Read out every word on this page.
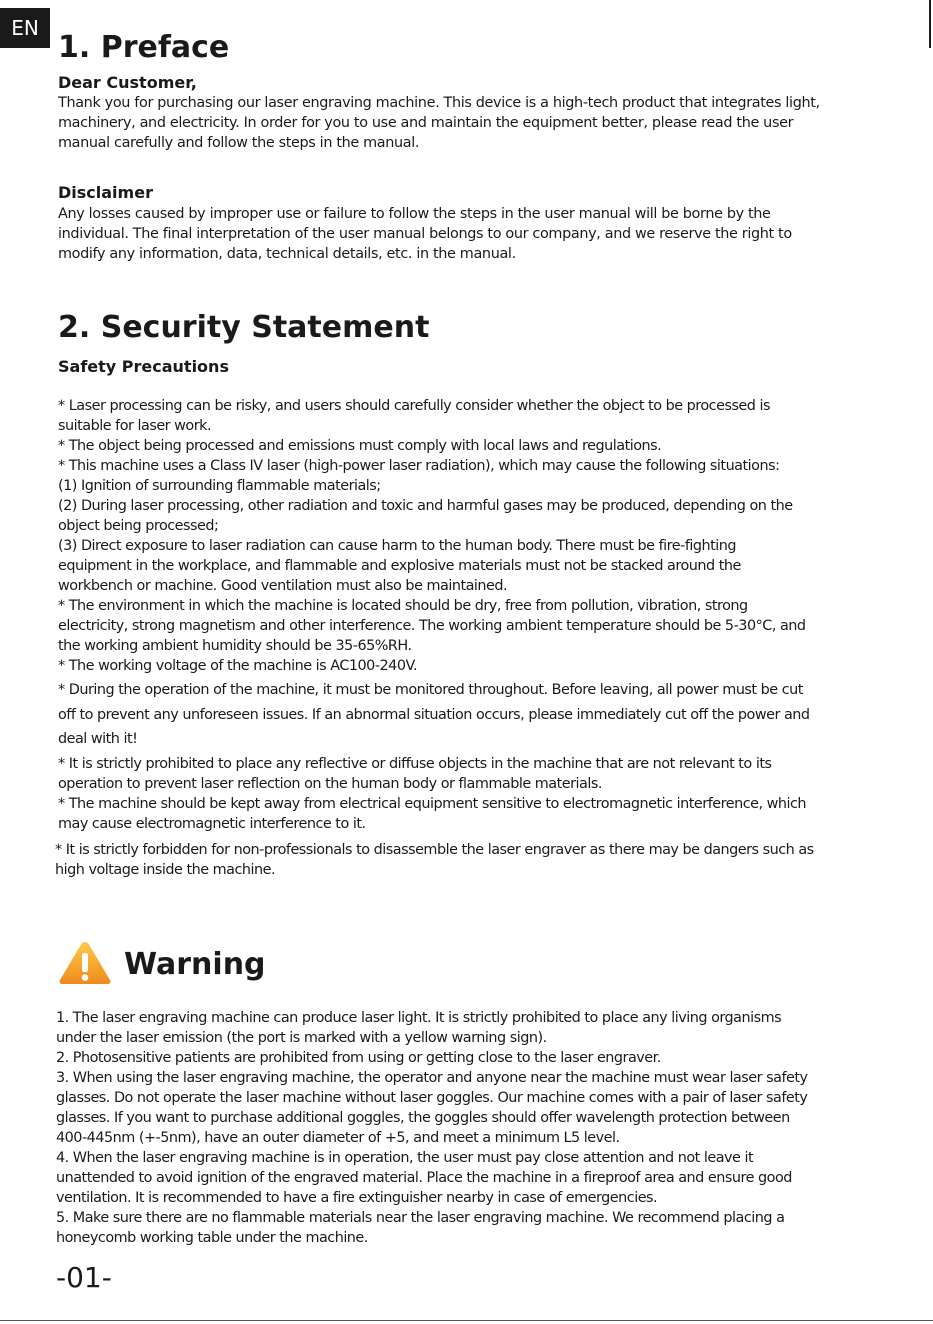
EN
1. Preface
Dear Customer,
Thank you for purchasing our laser engraving machine. This device is a high-tech product that integrates light,
machinery, and electricity. In order for you to use and maintain the equipment better, please read the user
manual carefully and follow the steps in the manual.
Disclaimer
Any losses caused by improper use or failure to follow the steps in the user manual will be borne by the
individual. The final interpretation of the user manual belongs to our company, and we reserve the right to
modify any information, data, technical details, etc. in the manual.
2. Security Statement
Safety Precautions
* Laser processing can be risky, and users should carefully consider whether the object to be processed is
suitable for laser work.
* The object being processed and emissions must comply with local laws and regulations.
* This machine uses a Class IV laser (high-power laser radiation), which may cause the following situations:
(1) Ignition of surrounding flammable materials;
(2) During laser processing, other radiation and toxic and harmful gases may be produced, depending on the
object being processed;
(3) Direct exposure to laser radiation can cause harm to the human body. There must be fire-fighting
equipment in the workplace, and flammable and explosive materials must not be stacked around the
workbench or machine. Good ventilation must also be maintained.
* The environment in which the machine is located should be dry, free from pollution, vibration, strong
electricity, strong magnetism and other interference. The working ambient temperature should be 5-30°C, and
the working ambient humidity should be 35-65%RH.
* The working voltage of the machine is AC100-240V.
* During the operation of the machine, it must be monitored throughout. Before leaving, all power must be cut
off to prevent any unforeseen issues. If an abnormal situation occurs, please immediately cut off the power and
deal with it!
* It is strictly prohibited to place any reflective or diffuse objects in the machine that are not relevant to its
operation to prevent laser reflection on the human body or flammable materials.
* The machine should be kept away from electrical equipment sensitive to electromagnetic interference, which
may cause electromagnetic interference to it.
* It is strictly forbidden for non-professionals to disassemble the laser engraver as there may be dangers such as
high voltage inside the machine.
Warning
1. The laser engraving machine can produce laser light. It is strictly prohibited to place any living organisms
under the laser emission (the port is marked with a yellow warning sign).
2. Photosensitive patients are prohibited from using or getting close to the laser engraver.
3. When using the laser engraving machine, the operator and anyone near the machine must wear laser safety
glasses. Do not operate the laser machine without laser goggles. Our machine comes with a pair of laser safety
glasses. If you want to purchase additional goggles, the goggles should offer wavelength protection between
400-445nm (+-5nm), have an outer diameter of +5, and meet a minimum L5 level.
4. When the laser engraving machine is in operation, the user must pay close attention and not leave it
unattended to avoid ignition of the engraved material. Place the machine in a fireproof area and ensure good
ventilation. It is recommended to have a fire extinguisher nearby in case of emergencies.
5. Make sure there are no flammable materials near the laser engraving machine. We recommend placing a
honeycomb working table under the machine.
-01-
